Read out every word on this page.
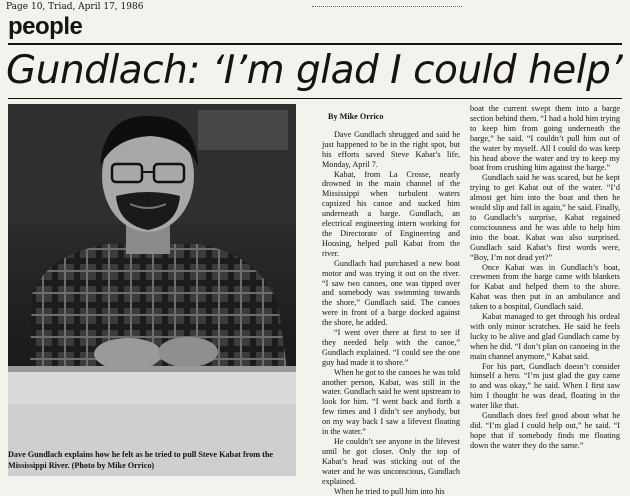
Page 10, Triad, April 17, 1986
people
Gundlach: ‘I’m glad I could help’
Dave Gundlach explains how he felt as he tried to pull Steve Kabat from the Mississippi River. (Photo by Mike Orrico)

By Mike Orrico

Dave Gundlach shrugged and said he just happened to be in the right spot, but his efforts saved Steve Kabat’s life, Monday, April 7.

Kabat, from La Crosse, nearly drowned in the main channel of the Mississippi when turbulent waters capsized his canoe and sucked him underneath a barge. Gundlach, an electrical engineering intern working for the Directorate of Engineering and Housing, helped pull Kabat from the river.

Gundlach had purchased a new boat motor and was trying it out on the river. “I saw two canoes, one was tipped over and somebody was swimming towards the shore,” Gundlach said. The canoes were in front of a barge docked against the shore, he added.

“I went over there at first to see if they needed help with the canoe,” Gundlach explained. “I could see the one guy had made it to shore.”

When he got to the canoes he was told another person, Kabat, was still in the water. Gundlach said he went upstream to look for him. “I went back and forth a few times and I didn’t see anybody, but on my way back I saw a lifevest floating in the water.”

He couldn’t see anyone in the lifevest until he got closer. Only the top of Kabat’s head was sticking out of the water and he was unconscious, Gundlach explained.

When he tried to pull him into his

boat the current swept them into a barge section behind them. “I had a hold him trying to keep him from going underneath the barge,” he said. “I couldn’t pull him out of the water by myself. All I could do was keep his head above the water and try to keep my boat from crushing him against the barge.”

Gundlach said he was scared, but he kept trying to get Kabat out of the water. “I’d almost get him into the boat and then he would slip and fall in again,” he said. Finally, to Gundlach’s surprise, Kabat regained consciousness and he was able to help him into the boat. Kabat was also surprised. Gundlach said Kabat’s first words were, “Boy, I’m not dead yet?”

Once Kabat was in Gundlach’s boat, crewmen from the barge came with blankets for Kabat and helped them to the shore. Kabat was then put in an ambulance and taken to a hospital, Gundlach said.

Kabat managed to get through his ordeal with only minor scratches. He said he feels lucky to be alive and glad Gundlach came by when he did. “I don’t plan on canoeing in the main channel anymore,” Kabat said.

For his part, Gundlach doesn’t consider himself a hero. “I’m just glad the guy came to and was okay,” he said. When I first saw him I thought he was dead, floating in the water like that.

Gundlach does feel good about what he did. “I’m glad I could help out,” he said. “I hope that if somebody finds me floating down the water they do the same.”
